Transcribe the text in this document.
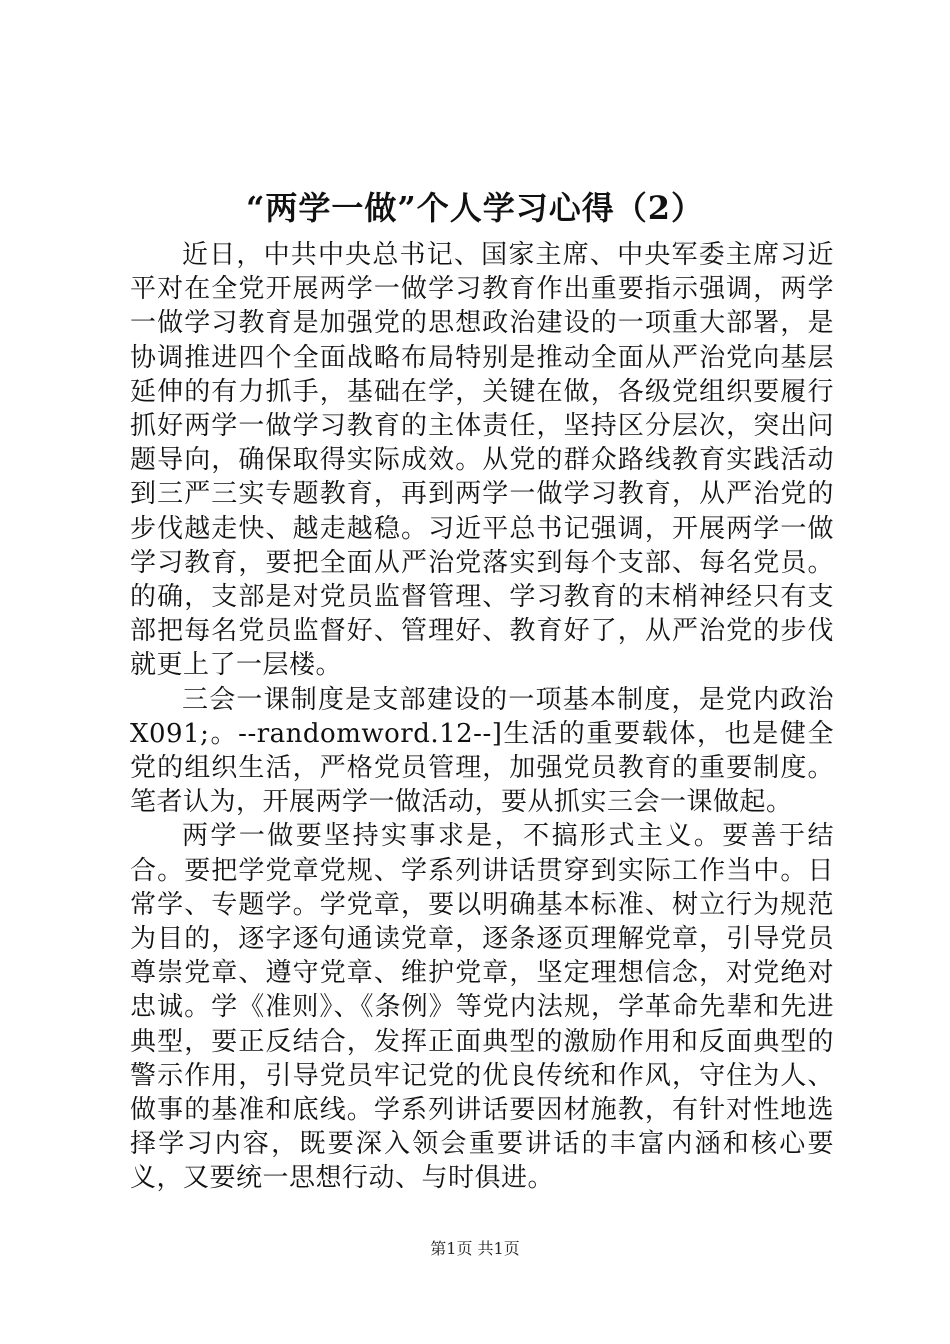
“两学一做”个人学习心得（2）

近日，中共中央总书记、国家主席、中央军委主席习近平对在全党开展两学一做学习教育作出重要指示强调，两学一做学习教育是加强党的思想政治建设的一项重大部署，是协调推进四个全面战略布局特别是推动全面从严治党向基层延伸的有力抓手，基础在学，关键在做，各级党组织要履行抓好两学一做学习教育的主体责任，坚持区分层次，突出问题导向，确保取得实际成效。从党的群众路线教育实践活动到三严三实专题教育，再到两学一做学习教育，从严治党的步伐越走快、越走越稳。习近平总书记强调，开展两学一做学习教育，要把全面从严治党落实到每个支部、每名党员。的确，支部是对党员监督管理、学习教育的末梢神经只有支部把每名党员监督好、管理好、教育好了，从严治党的步伐就更上了一层楼。

三会一课制度是支部建设的一项基本制度，是党内政治X091;。--randomword.12--]生活的重要载体，也是健全党的组织生活，严格党员管理，加强党员教育的重要制度。笔者认为，开展两学一做活动，要从抓实三会一课做起。

两学一做要坚持实事求是，不搞形式主义。要善于结合。要把学党章党规、学系列讲话贯穿到实际工作当中。日常学、专题学。学党章，要以明确基本标准、树立行为规范为目的，逐字逐句通读党章，逐条逐页理解党章，引导党员尊崇党章、遵守党章、维护党章，坚定理想信念，对党绝对忠诚。学《准则》、《条例》等党内法规，学革命先辈和先进典型，要正反结合，发挥正面典型的激励作用和反面典型的警示作用，引导党员牢记党的优良传统和作风，守住为人、做事的基准和底线。学系列讲话要因材施教，有针对性地选择学习内容，既要深入领会重要讲话的丰富内涵和核心要义，又要统一思想行动、与时俱进。

第1页 共1页
